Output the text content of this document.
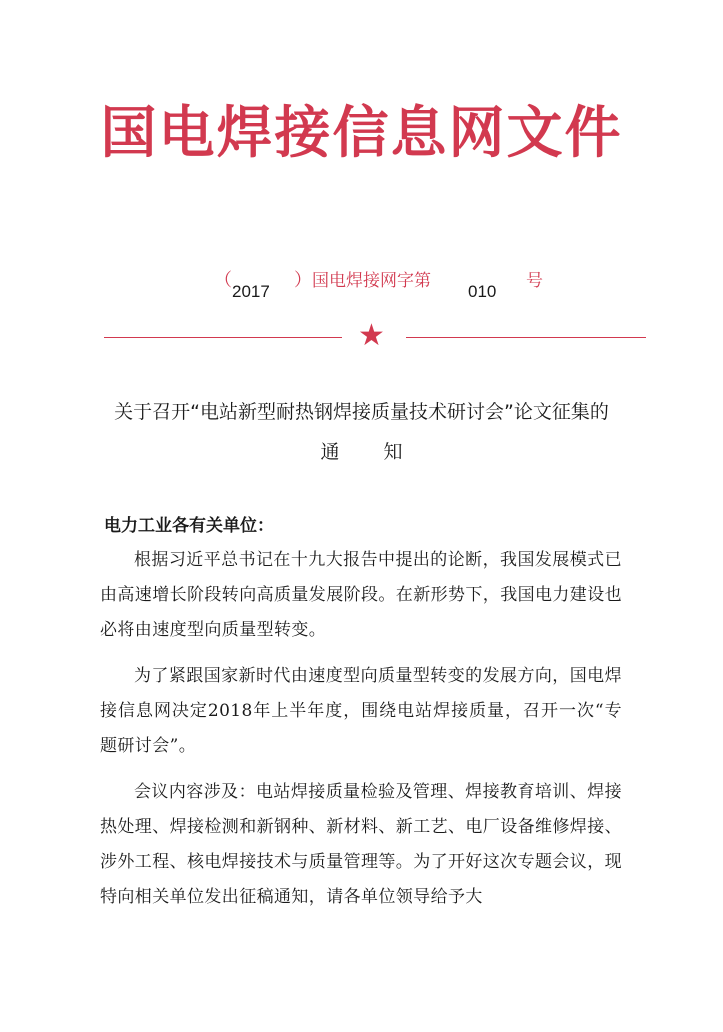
国电焊接信息网文件
（
2017
） 国电焊接网字第
010
号
★
关于召开“电站新型耐热钢焊接质量技术研讨会”论文征集的
通知
电力工业各有关单位：

根据习近平总书记在十九大报告中提出的论断，我国发展模式已由高速增长阶段转向高质量发展阶段。在新形势下，我国电力建设也必将由速度型向质量型转变。

为了紧跟国家新时代由速度型向质量型转变的发展方向，国电焊接信息网决定2018年上半年度，围绕电站焊接质量，召开一次“专题研讨会”。

会议内容涉及：电站焊接质量检验及管理、焊接教育培训、焊接热处理、焊接检测和新钢种、新材料、新工艺、电厂设备维修焊接、涉外工程、核电焊接技术与质量管理等。为了开好这次专题会议，现特向相关单位发出征稿通知，请各单位领导给予大
